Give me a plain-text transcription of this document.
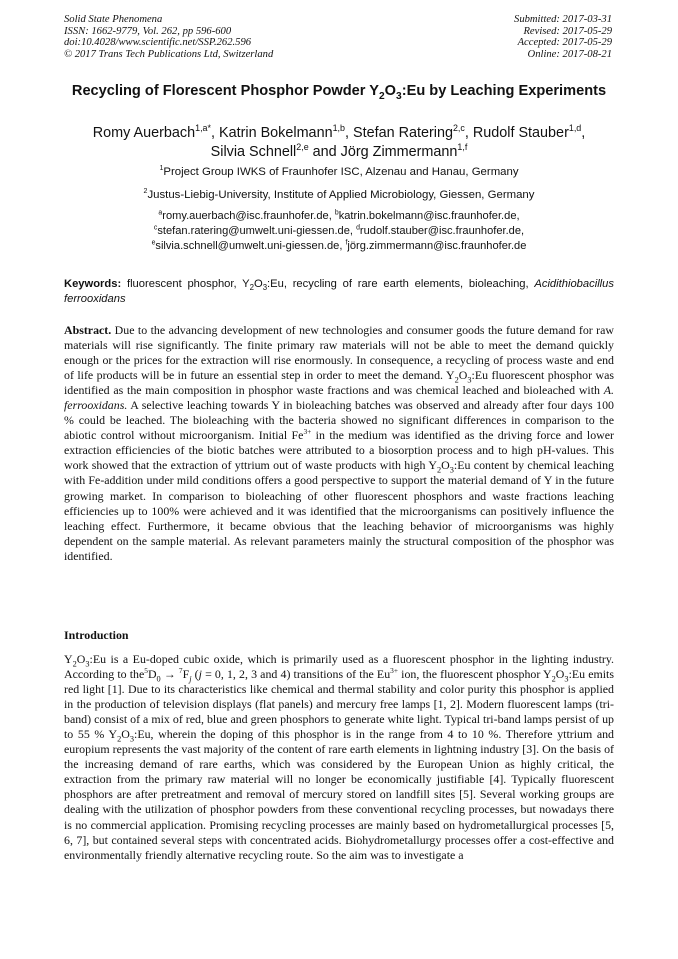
Solid State Phenomena
ISSN: 1662-9779, Vol. 262, pp 596-600
doi:10.4028/www.scientific.net/SSP.262.596
© 2017 Trans Tech Publications Ltd, Switzerland
Submitted: 2017-03-31
Revised: 2017-05-29
Accepted: 2017-05-29
Online: 2017-08-21
Recycling of Florescent Phosphor Powder $Y_2O_3:Eu$ by Leaching Experiments
Romy Auerbach$^{1,a*}$, Katrin Bokelmann$^{1,b}$, Stefan Ratering$^{2,c}$, Rudolf Stauber$^{1,d}$,
Silvia Schnell$^{2,e}$ and Jörg Zimmermann$^{1,f}$
$^1$Project Group IWKS of Fraunhofer ISC, Alzenau and Hanau, Germany
$^2$Justus-Liebig-University, Institute of Applied Microbiology, Giessen, Germany
$^a$romy.auerbach@isc.fraunhofer.de, $^b$katrin.bokelmann@isc.fraunhofer.de,
$^c$stefan.ratering@umwelt.uni-giessen.de, $^d$rudolf.stauber@isc.fraunhofer.de,
$^e$silvia.schnell@umwelt.uni-giessen.de, $^f$jörg.zimmermann@isc.fraunhofer.de
Keywords: fluorescent phosphor, $Y_2O_3:Eu$, recycling of rare earth elements, bioleaching, Acidithiobacillus ferrooxidans
Abstract. Due to the advancing development of new technologies and consumer goods the future demand for raw materials will rise significantly. The finite primary raw materials will not be able to meet the demand quickly enough or the prices for the extraction will rise enormously. In consequence, a recycling of process waste and end of life products will be in future an essential step in order to meet the demand. $Y_2O_3:Eu$ fluorescent phosphor was identified as the main composition in phosphor waste fractions and was chemical leached and bioleached with A. ferrooxidans. A selective leaching towards Y in bioleaching batches was observed and already after four days 100 % could be leached. The bioleaching with the bacteria showed no significant differences in comparison to the abiotic control without microorganism. Initial $Fe^{3+}$ in the medium was identified as the driving force and lower extraction efficiencies of the biotic batches were attributed to a biosorption process and to high pH-values. This work showed that the extraction of yttrium out of waste products with high $Y_2O_3:Eu$ content by chemical leaching with Fe-addition under mild conditions offers a good perspective to support the material demand of Y in the future growing market. In comparison to bioleaching of other fluorescent phosphors and waste fractions leaching efficiencies up to 100% were achieved and it was identified that the microorganisms can positively influence the leaching effect. Furthermore, it became obvious that the leaching behavior of microorganisms was highly dependent on the sample material. As relevant parameters mainly the structural composition of the phosphor was identified.
Introduction
$Y_2O_3:Eu$ is a Eu-doped cubic oxide, which is primarily used as a fluorescent phosphor in the lighting industry. According to $the^5D_0 \to ^7F_j$ (j = 0, 1, 2, 3 and 4) transitions of the $Eu^{3+}$ ion, the fluorescent phosphor $Y_2O_3:Eu$ emits red light [1]. Due to its characteristics like chemical and thermal stability and color purity this phosphor is applied in the production of television displays (flat panels) and mercury free lamps [1, 2]. Modern fluorescent lamps (tri-band) consist of a mix of red, blue and green phosphors to generate white light. Typical tri-band lamps persist of up to 55 % $Y_2O_3:Eu$, wherein the doping of this phosphor is in the range from 4 to 10 %. Therefore yttrium and europium represents the vast majority of the content of rare earth elements in lightning industry [3]. On the basis of the increasing demand of rare earths, which was considered by the European Union as highly critical, the extraction from the primary raw material will no longer be economically justifiable [4]. Typically fluorescent phosphors are after pretreatment and removal of mercury stored on landfill sites [5]. Several working groups are dealing with the utilization of phosphor powders from these conventional recycling processes, but nowadays there is no commercial application. Promising recycling processes are mainly based on hydrometallurgical processes [5, 6, 7], but contained several steps with concentrated acids. Biohydrometallurgy processes offer a cost-effective and environmentally friendly alternative recycling route. So the aim was to investigate a
